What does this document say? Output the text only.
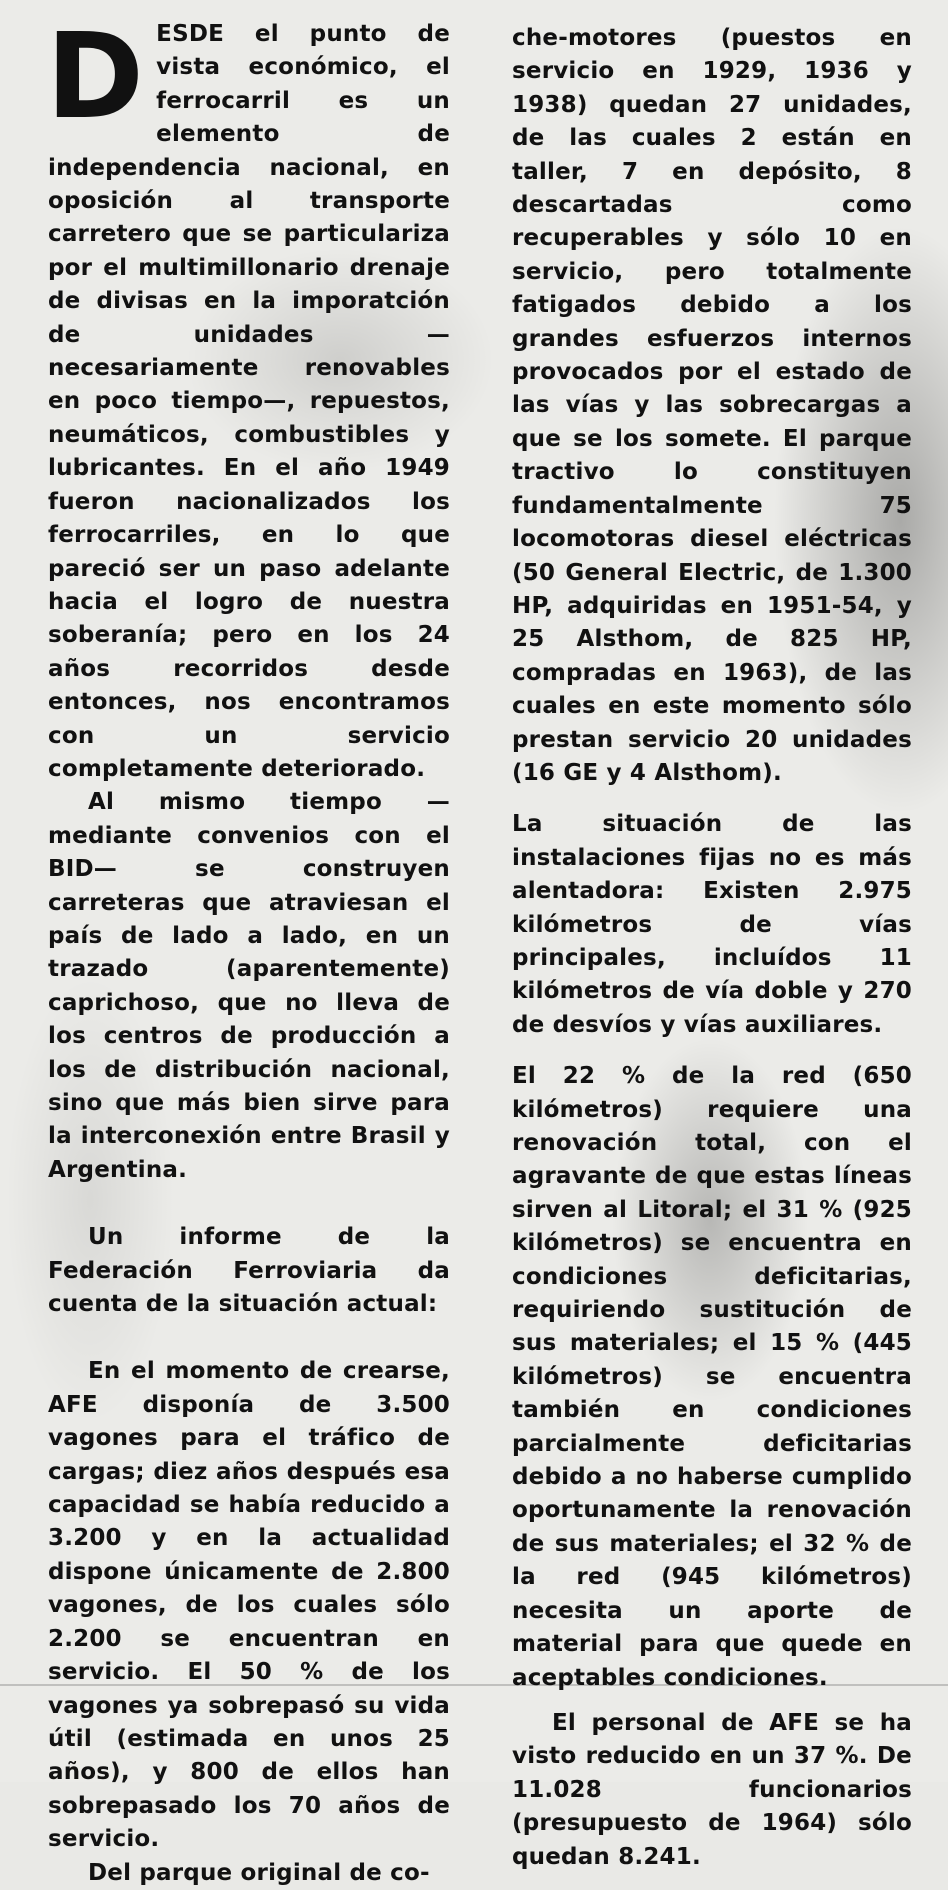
DESDE el punto de vista económico, el ferrocarril es un elemento de independencia nacional, en oposición al transporte carretero que se particulariza por el multimillonario drenaje de divisas en la imporatción de unidades —necesariamente renovables en poco tiempo—, repuestos, neumáticos, combustibles y lubricantes. En el año 1949 fueron nacionalizados los ferrocarriles, en lo que pareció ser un paso adelante hacia el logro de nuestra soberanía; pero en los 24 años recorridos desde entonces, nos encontramos con un servicio completamente deteriorado.

Al mismo tiempo —mediante convenios con el BID— se construyen carreteras que atraviesan el país de lado a lado, en un trazado (aparentemente) caprichoso, que no lleva de los centros de producción a los de distribución nacional, sino que más bien sirve para la interconexión entre Brasil y Argentina.

Un informe de la Federación Ferroviaria da cuenta de la situación actual:

En el momento de crearse, AFE disponía de 3.500 vagones para el tráfico de cargas; diez años después esa capacidad se había reducido a 3.200 y en la actualidad dispone únicamente de 2.800 vagones, de los cuales sólo 2.200 se encuentran en servicio. El 50 % de los vagones ya sobrepasó su vida útil (estimada en unos 25 años), y 800 de ellos han sobrepasado los 70 años de servicio.

Del parque original de co-

che-motores (puestos en servicio en 1929, 1936 y 1938) quedan 27 unidades, de las cuales 2 están en taller, 7 en depósito, 8 descartadas como recuperables y sólo 10 en servicio, pero totalmente fatigados debido a los grandes esfuerzos internos provocados por el estado de las vías y las sobrecargas a que se los somete. El parque tractivo lo constituyen fundamentalmente 75 locomotoras diesel eléctricas (50 General Electric, de 1.300 HP, adquiridas en 1951-54, y 25 Alsthom, de 825 HP, compradas en 1963), de las cuales en este momento sólo prestan servicio 20 unidades (16 GE y 4 Alsthom).

La situación de las instalaciones fijas no es más alentadora: Existen 2.975 kilómetros de vías principales, incluídos 11 kilómetros de vía doble y 270 de desvíos y vías auxiliares.

El 22 % de la red (650 kilómetros) requiere una renovación total, con el agravante de que estas líneas sirven al Litoral; el 31 % (925 kilómetros) se encuentra en condiciones deficitarias, requiriendo sustitución de sus materiales; el 15 % (445 kilómetros) se encuentra también en condiciones parcialmente deficitarias debido a no haberse cumplido oportunamente la renovación de sus materiales; el 32 % de la red (945 kilómetros) necesita un aporte de material para que quede en aceptables condiciones.

El personal de AFE se ha visto reducido en un 37 %. De 11.028 funcionarios (presupuesto de 1964) sólo quedan 8.241.
